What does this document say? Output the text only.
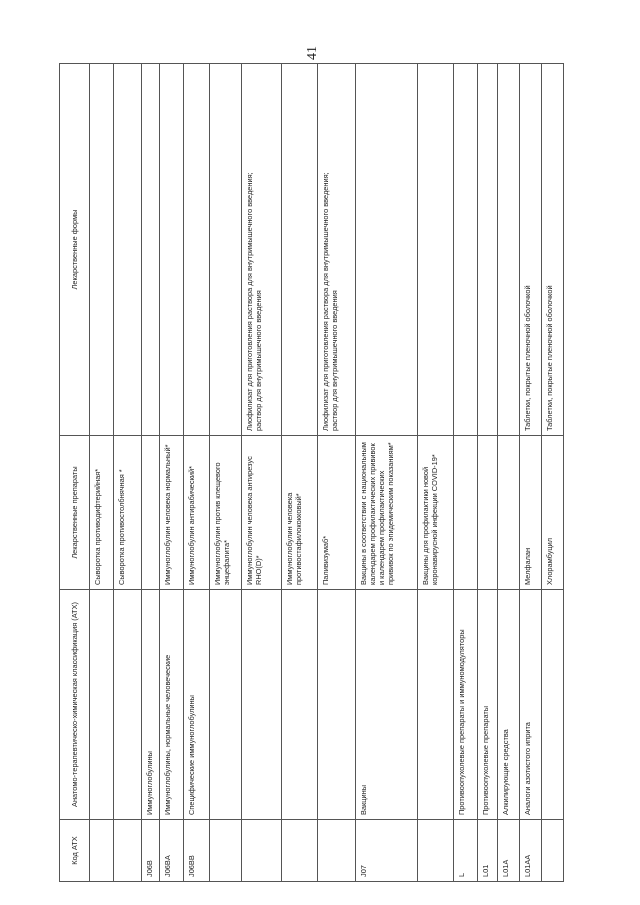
41
Код АТХ	Анатомо-терапевтическо-химическая классификация (АТХ)	Лекарственные препараты	Лекарственные формы
		Сыворотка противодифтерийная*	
		Сыворотка противостолбнячная *	
J06B	Иммуноглобулины		
J06BA	Иммуноглобулины, нормальные человеческие	Иммуноглобулин человека нормальный*	
J06BB	Специфические иммуноглобулины	Иммуноглобулин антирабический*	
		Иммуноглобулин против клещевого энцефалита*	
		Иммуноглобулин человека антирезус RHO(D)*	Лиофилизат для приготовления раствора для внутримышечного введения;
раствор для внутримышечного введения
		Иммуноглобулин человека противостафилококковый*	
		Паливизумаб*	Лиофилизат для приготовления раствора для внутримышечного введения;
раствор для внутримышечного введения
J07	Вакцины	Вакцины в соответствии с национальным календарем профилактических прививок и календарем профилактических прививок по эпидемическим показаниям*	
		Вакцины для профилактики новой коронавирусной инфекции COVID-19*	
L	Противоопухолевые препараты и иммуномодуляторы		
L01	Противоопухолевые препараты		
L01A	Алкилирующие средства		
L01AA	Аналоги азотистого иприта	Мелфалан	Таблетки, покрытые пленочной оболочкой
		Хлорамбуцил	Таблетки, покрытые пленочной оболочкой
